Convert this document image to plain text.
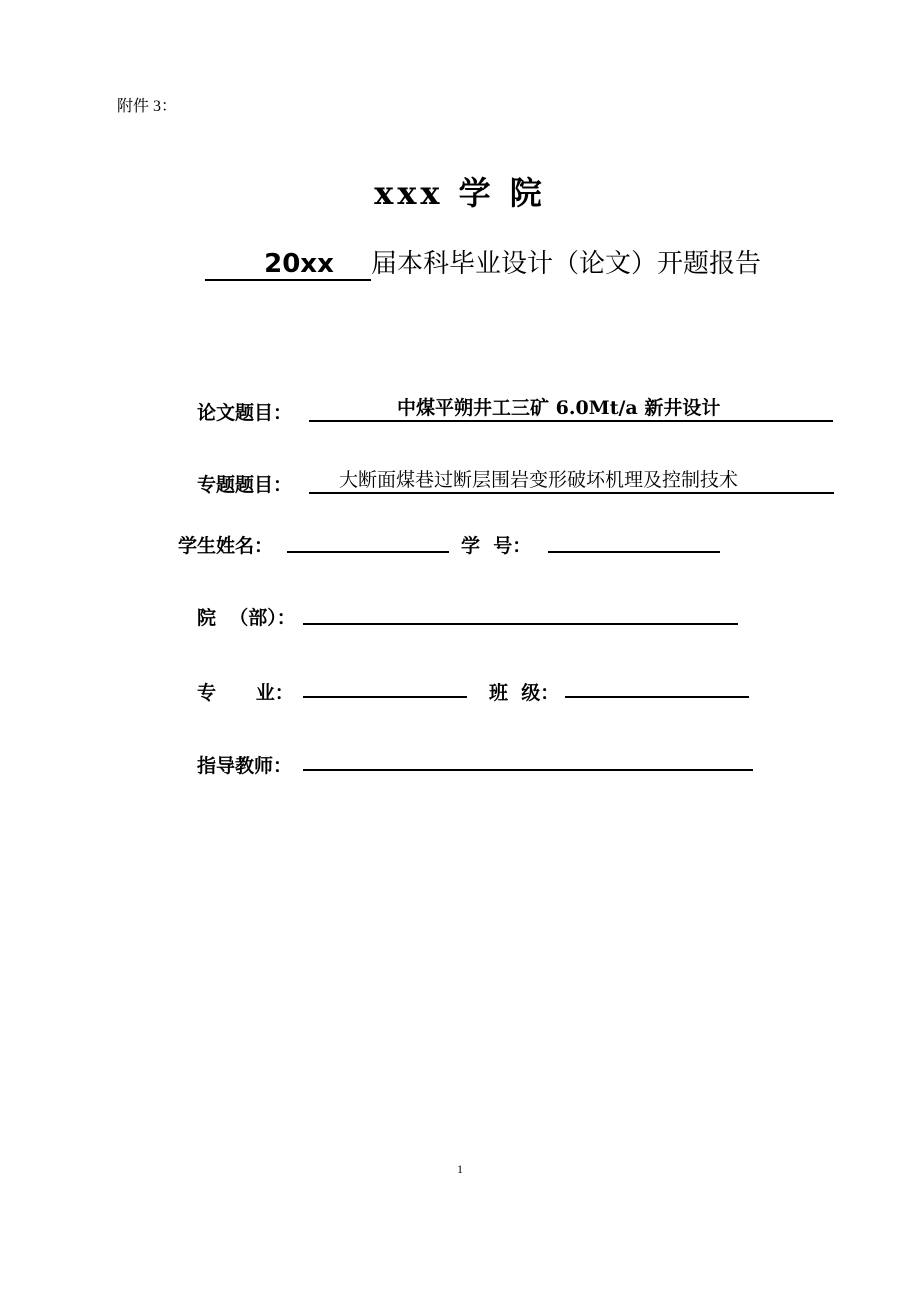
附件 3：
xxx 学 院
20xx 届本科毕业设计（论文）开题报告
论文题目：	中煤平朔井工三矿 6.0Mt/a 新井设计
专题题目：	大断面煤巷过断层围岩变形破坏机理及控制技术
学生姓名：	学  号：
院  （部）：
专      业：	班  级：
指导教师：
1
